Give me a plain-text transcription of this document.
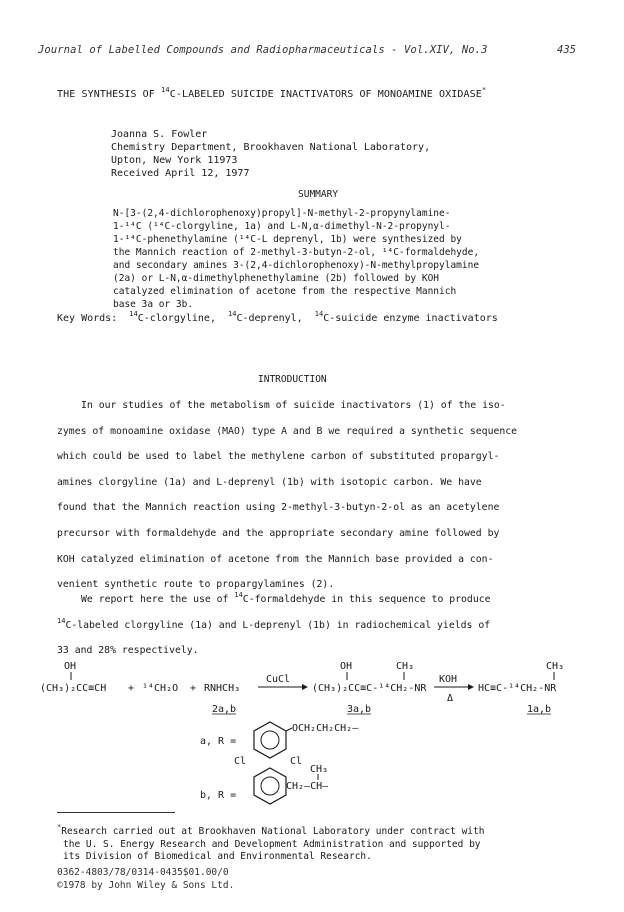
Journal of Labelled Compounds and Radiopharmaceuticals - Vol.XIV, No.3	435
THE SYNTHESIS OF $^{14}$C-LABELED SUICIDE INACTIVATORS OF MONOAMINE OXIDASE*
Joanna S. Fowler
Chemistry Department, Brookhaven National Laboratory,
Upton, New York 11973
Received April 12, 1977
SUMMARY
N-[3-(2,4-dichlorophenoxy)propyl]-N-methyl-2-propynylamine-
1-¹⁴C (¹⁴C-clorgyline, 1a) and L-N,α-dimethyl-N-2-propynyl-
1-¹⁴C-phenethylamine (¹⁴C-L deprenyl, 1b) were synthesized by
the Mannich reaction of 2-methyl-3-butyn-2-ol, ¹⁴C-formaldehyde,
and secondary amines 3-(2,4-dichlorophenoxy)-N-methylpropylamine
(2a) or L-N,α-dimethylphenethylamine (2b) followed by KOH
catalyzed elimination of acetone from the respective Mannich
base 3a or 3b.
Key Words: $^{14}$C-clorgyline, $^{14}$C-deprenyl, $^{14}$C-suicide enzyme inactivators
INTRODUCTION
In our studies of the metabolism of suicide inactivators (1) of the iso-
zymes of monoamine oxidase (MAO) type A and B we required a synthetic sequence
which could be used to label the methylene carbon of substituted propargyl-
amines clorgyline (1a) and L-deprenyl (1b) with isotopic carbon. We have
found that the Mannich reaction using 2-methyl-3-butyn-2-ol as an acetylene
precursor with formaldehyde and the appropriate secondary amine followed by
KOH catalyzed elimination of acetone from the Mannich base provided a con-
venient synthetic route to propargylamines (2).
We report here the use of $^{14}$C-formaldehyde in this sequence to produce
$^{14}$C-labeled clorgyline (1a) and L-deprenyl (1b) in radiochemical yields of
33 and 28% respectively.
OH
(CH₃)₂CC≡CH + ¹⁴CH₂O + RNHCH₃
2a,b
CuCl
OH	CH₃
(CH₃)₂CC≡C-¹⁴CH₂-NR
3a,b
KOH
Δ
CH₃
HC≡C-¹⁴CH₂-NR
1a,b
a, R =
OCH₂CH₂CH₂—
Cl	Cl
b, R =
CH₃
CH₂—CH—
*Research carried out at Brookhaven National Laboratory under contract with
the U. S. Energy Research and Development Administration and supported by
its Division of Biomedical and Environmental Research.
0362-4803/78/0314-0435$01.00/0
©1978 by John Wiley & Sons Ltd.
